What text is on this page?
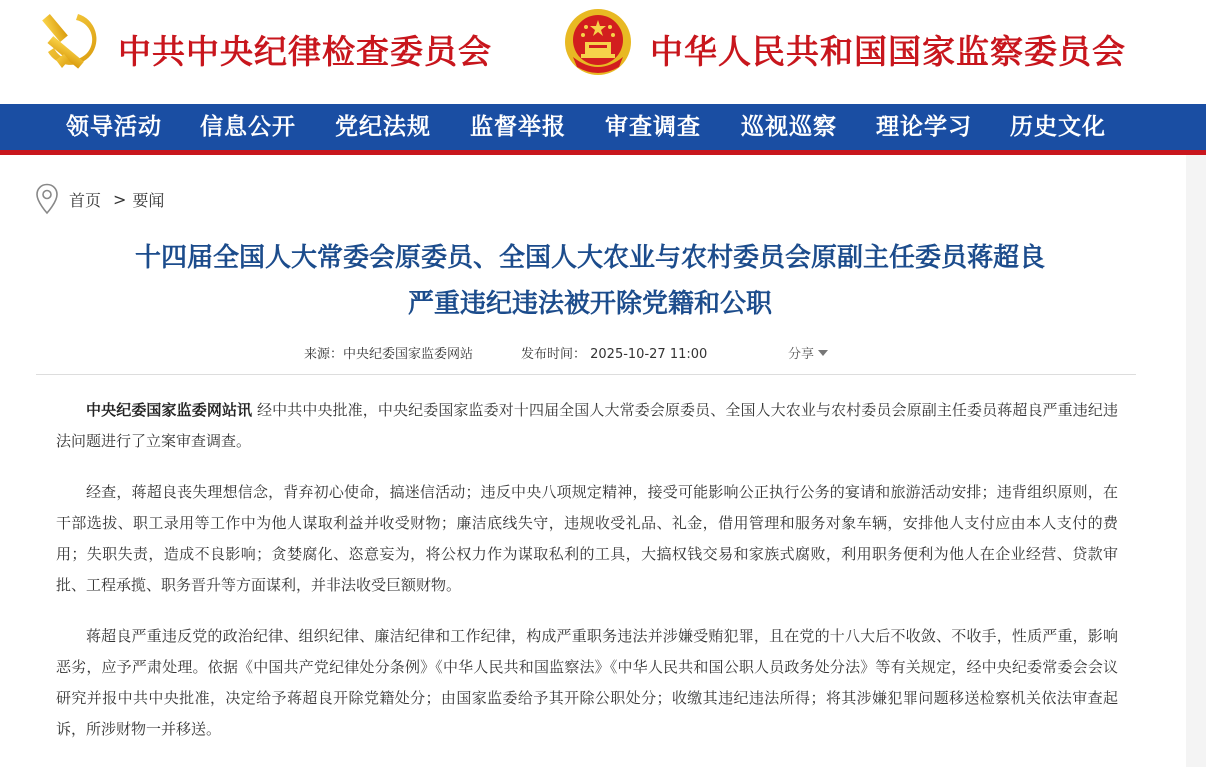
中共中央纪律检查委员会	中华人民共和国国家监察委员会
领导活动 信息公开 党纪法规 监督举报 审查调查 巡视巡察 理论学习 历史文化
首页 > 要闻
十四届全国人大常委会原委员、全国人大农业与农村委员会原副主任委员蒋超良
严重违纪违法被开除党籍和公职
来源：中央纪委国家监委网站	发布时间： 2025-10-27 11:00	分享

中央纪委国家监委网站讯 经中共中央批准，中央纪委国家监委对十四届全国人大常委会原委员、全国人大农业与农村委员会原副主任委员蒋超良严重违纪违法问题进行了立案审查调查。

经查，蒋超良丧失理想信念，背弃初心使命，搞迷信活动；违反中央八项规定精神，接受可能影响公正执行公务的宴请和旅游活动安排；违背组织原则，在干部选拔、职工录用等工作中为他人谋取利益并收受财物；廉洁底线失守，违规收受礼品、礼金，借用管理和服务对象车辆，安排他人支付应由本人支付的费用；失职失责，造成不良影响；贪婪腐化、恣意妄为，将公权力作为谋取私利的工具，大搞权钱交易和家族式腐败，利用职务便利为他人在企业经营、贷款审批、工程承揽、职务晋升等方面谋利，并非法收受巨额财物。

蒋超良严重违反党的政治纪律、组织纪律、廉洁纪律和工作纪律，构成严重职务违法并涉嫌受贿犯罪，且在党的十八大后不收敛、不收手，性质严重，影响恶劣，应予严肃处理。依据《中国共产党纪律处分条例》《中华人民共和国监察法》《中华人民共和国公职人员政务处分法》等有关规定，经中央纪委常委会会议研究并报中共中央批准，决定给予蒋超良开除党籍处分；由国家监委给予其开除公职处分；收缴其违纪违法所得；将其涉嫌犯罪问题移送检察机关依法审查起诉，所涉财物一并移送。
